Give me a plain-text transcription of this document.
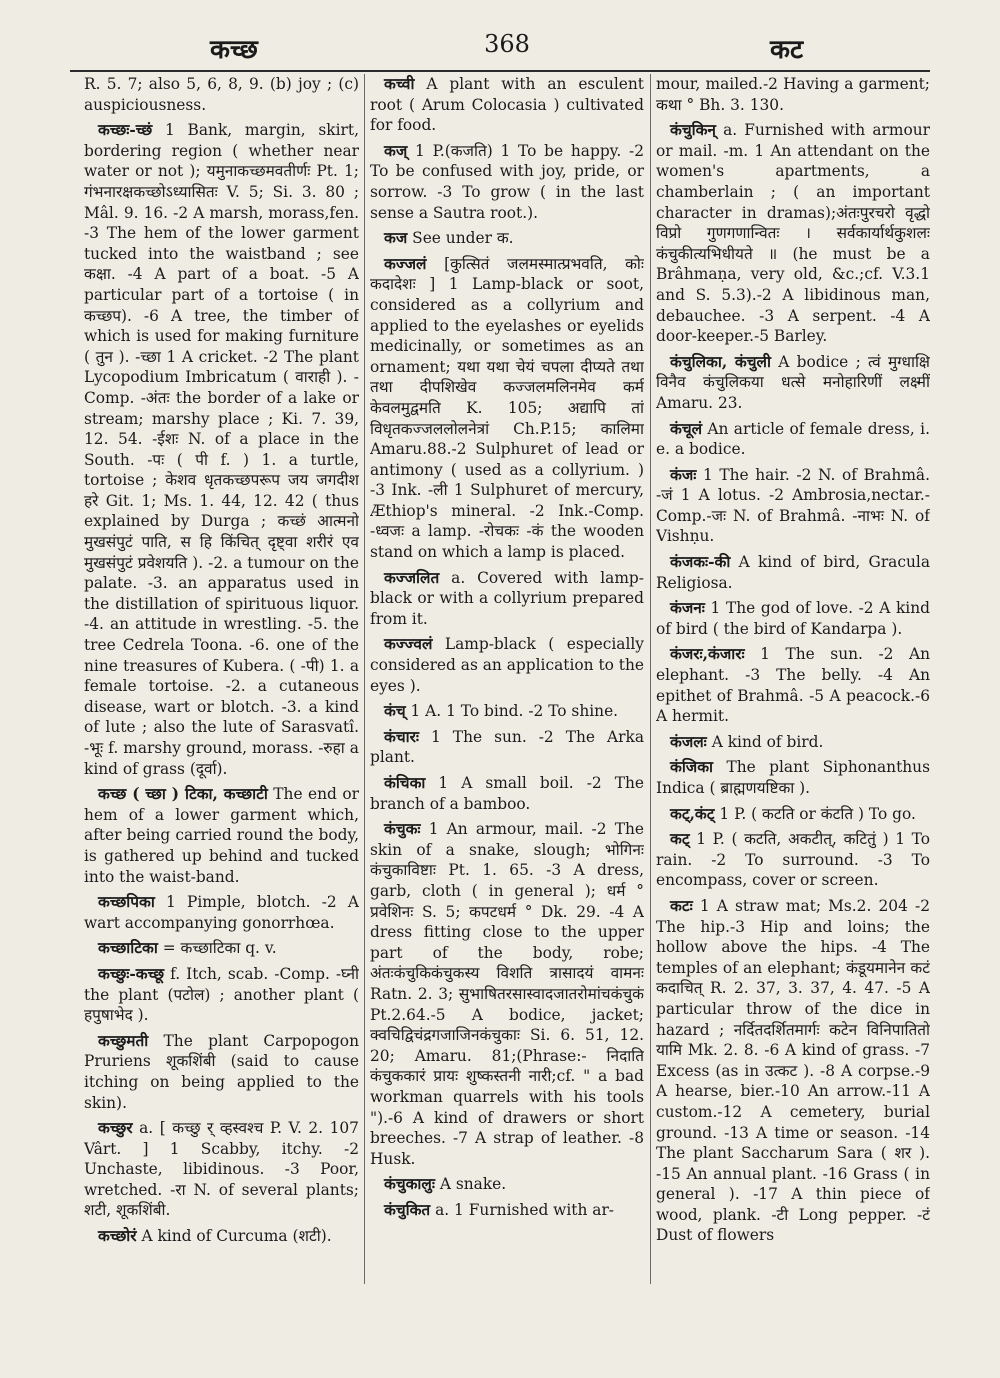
कच्छ	368	कट

R. 5. 7; also 5, 6, 8, 9. (b) joy ; (c) auspiciousness.

कच्छः-च्छं 1 Bank, margin, skirt, bordering region ( whether near water or not ); यमुनाकच्छमवतीर्णः Pt. 1; गंभनारक्षकच्छोऽध्यासितः V. 5; Si. 3. 80 ; Mâl. 9. 16. -2 A marsh, morass,fen. -3 The hem of the lower garment tucked into the waistband ; see कक्षा. -4 A part of a boat. -5 A particular part of a tortoise ( in कच्छप). -6 A tree, the timber of which is used for making furniture ( तुन ). -च्छा 1 A cricket. -2 The plant Lycopodium Imbricatum ( वाराही ). -Comp. -अंतः the border of a lake or stream; marshy place ; Ki. 7. 39, 12. 54. -ईशः N. of a place in the South. -पः ( पी f. ) 1. a turtle, tortoise ; केशव धृतकच्छपरूप जय जगदीश हरे Git. 1; Ms. 1. 44, 12. 42 ( thus explained by Durga ; कच्छं आत्मनो मुखसंपुटं पाति, स हि किंचित् दृष्ट्वा शरीरं एव मुखसंपुटं प्रवेशयति ). -2. a tumour on the palate. -3. an apparatus used in the distillation of spirituous liquor. -4. an attitude in wrestling. -5. the tree Cedrela Toona. -6. one of the nine treasures of Kubera. ( -पी) 1. a female tortoise. -2. a cutaneous disease, wart or blotch. -3. a kind of lute ; also the lute of Sarasvatî. -भूः f. marshy ground, morass. -रुहा a kind of grass (दूर्वा).

कच्छ ( च्छा ) टिका, कच्छाटी The end or hem of a lower garment which, after being carried round the body, is gathered up behind and tucked into the waist-band.

कच्छपिका 1 Pimple, blotch. -2 A wart accompanying gonorrhœa.

कच्छाटिका = कच्छाटिका q. v.

कच्छुः-कच्छू f. Itch, scab. -Comp. -घ्नी the plant (पटोल) ; another plant ( हपुषाभेद ).

कच्छुमती The plant Carpopogon Pruriens शूकशिंबी (said to cause itching on being applied to the skin).

कच्छुर a. [ कच्छु र् व्हस्वश्च P. V. 2. 107 Vârt. ] 1 Scabby, itchy. -2 Unchaste, libidinous. -3 Poor, wretched. -रा N. of several plants; शटी, शूकशिंबी.

कच्छोरं A kind of Curcuma (शटी).

कच्वी A plant with an esculent root ( Arum Colocasia ) cultivated for food.

कज् 1 P.(कजति) 1 To be happy. -2 To be confused with joy, pride, or sorrow. -3 To grow ( in the last sense a Sautra root.).

कज See under क.

कज्जलं [कुत्सितं जलमस्मात्प्रभवति, कोः कदादेशः ] 1 Lamp-black or soot, considered as a collyrium and applied to the eyelashes or eyelids medicinally, or sometimes as an ornament; यथा यथा चेयं चपला दीप्यते तथा तथा दीपशिखेव कज्जलमलिनमेव कर्म केवलमुद्वमति K. 105; अद्यापि तां विधृतकज्जललोलनेत्रां Ch.P.15; कालिमा Amaru.88.-2 Sulphuret of lead or antimony ( used as a collyrium. ) -3 Ink. -ली 1 Sulphuret of mercury, Æthiop's mineral. -2 Ink.-Comp. -ध्वजः a lamp. -रोचकः -कं the wooden stand on which a lamp is placed.

कज्जलित a. Covered with lamp-black or with a collyrium prepared from it.

कज्ज्वलं Lamp-black ( especially considered as an application to the eyes ).

कंच् 1 A. 1 To bind. -2 To shine.

कंचारः 1 The sun. -2 The Arka plant.

कंचिका 1 A small boil. -2 The branch of a bamboo.

कंचुकः 1 An armour, mail. -2 The skin of a snake, slough; भोगिनः कंचुकाविष्टाः Pt. 1. 65. -3 A dress, garb, cloth ( in general ); धर्म ° प्रवेशिनः S. 5; कपटधर्म ° Dk. 29. -4 A dress fitting close to the upper part of the body, robe; अंतःकंचुकिकंचुकस्य विशति त्रासादयं वामनः Ratn. 2. 3; सुभाषितरसास्वादजातरोमांचकंचुकं Pt.2.64.-5 A bodice, jacket; क्वचिद्विचंद्रगजाजिनकंचुकाः Si. 6. 51, 12. 20; Amaru. 81;(Phrase:- निदाति कंचुककारं प्रायः शुष्कस्तनी नारी;cf. " a bad workman quarrels with his tools ").-6 A kind of drawers or short breeches. -7 A strap of leather. -8 Husk.

कंचुकालुः A snake.

कंचुकित a. 1 Furnished with ar-

mour, mailed.-2 Having a garment; कथा ° Bh. 3. 130.

कंचुकिन् a. Furnished with armour or mail. -m. 1 An attendant on the women's apartments, a chamberlain ; ( an important character in dramas);अंतःपुरचरो वृद्धो विप्रो गुणगणान्वितः । सर्वकार्यार्थकुशलः कंचुकीत्यभिधीयते ॥ (he must be a Brâhmaṇa, very old, &c.;cf. V.3.1 and S. 5.3).-2 A libidinous man, debauchee. -3 A serpent. -4 A door-keeper.-5 Barley.

कंचुलिका, कंचुली A bodice ; त्वं मुग्धाक्षि विनैव कंचुलिकया धत्से मनोहारिणीं लक्ष्मीं Amaru. 23.

कंचूलं An article of female dress, i. e. a bodice.

कंजः 1 The hair. -2 N. of Brahmâ. -जं 1 A lotus. -2 Ambrosia,nectar.-Comp.-जः N. of Brahmâ. -नाभः N. of Vishṇu.

कंजकः-की A kind of bird, Gracula Religiosa.

कंजनः 1 The god of love. -2 A kind of bird ( the bird of Kandarpa ).

कंजरः,कंजारः 1 The sun. -2 An elephant. -3 The belly. -4 An epithet of Brahmâ. -5 A peacock.-6 A hermit.

कंजलः A kind of bird.

कंजिका The plant Siphonanthus Indica ( ब्राह्मणयष्टिका ).

कट्,कंट् 1 P. ( कटति or कंटति ) To go.

कट् 1 P. ( कटति, अकटीत्, कटितुं ) 1 To rain. -2 To surround. -3 To encompass, cover or screen.

कटः 1 A straw mat; Ms.2. 204 -2 The hip.-3 Hip and loins; the hollow above the hips. -4 The temples of an elephant; कंडूयमानेन कटं कदाचित् R. 2. 37, 3. 37, 4. 47. -5 A particular throw of the dice in hazard ; नर्दितदर्शितमार्गः कटेन विनिपातितो यामि Mk. 2. 8. -6 A kind of grass. -7 Excess (as in उत्कट ). -8 A corpse.-9 A hearse, bier.-10 An arrow.-11 A custom.-12 A cemetery, burial ground. -13 A time or season. -14 The plant Saccharum Sara ( शर ). -15 An annual plant. -16 Grass ( in general ). -17 A thin piece of wood, plank. -टी Long pepper. -टं Dust of flowers
